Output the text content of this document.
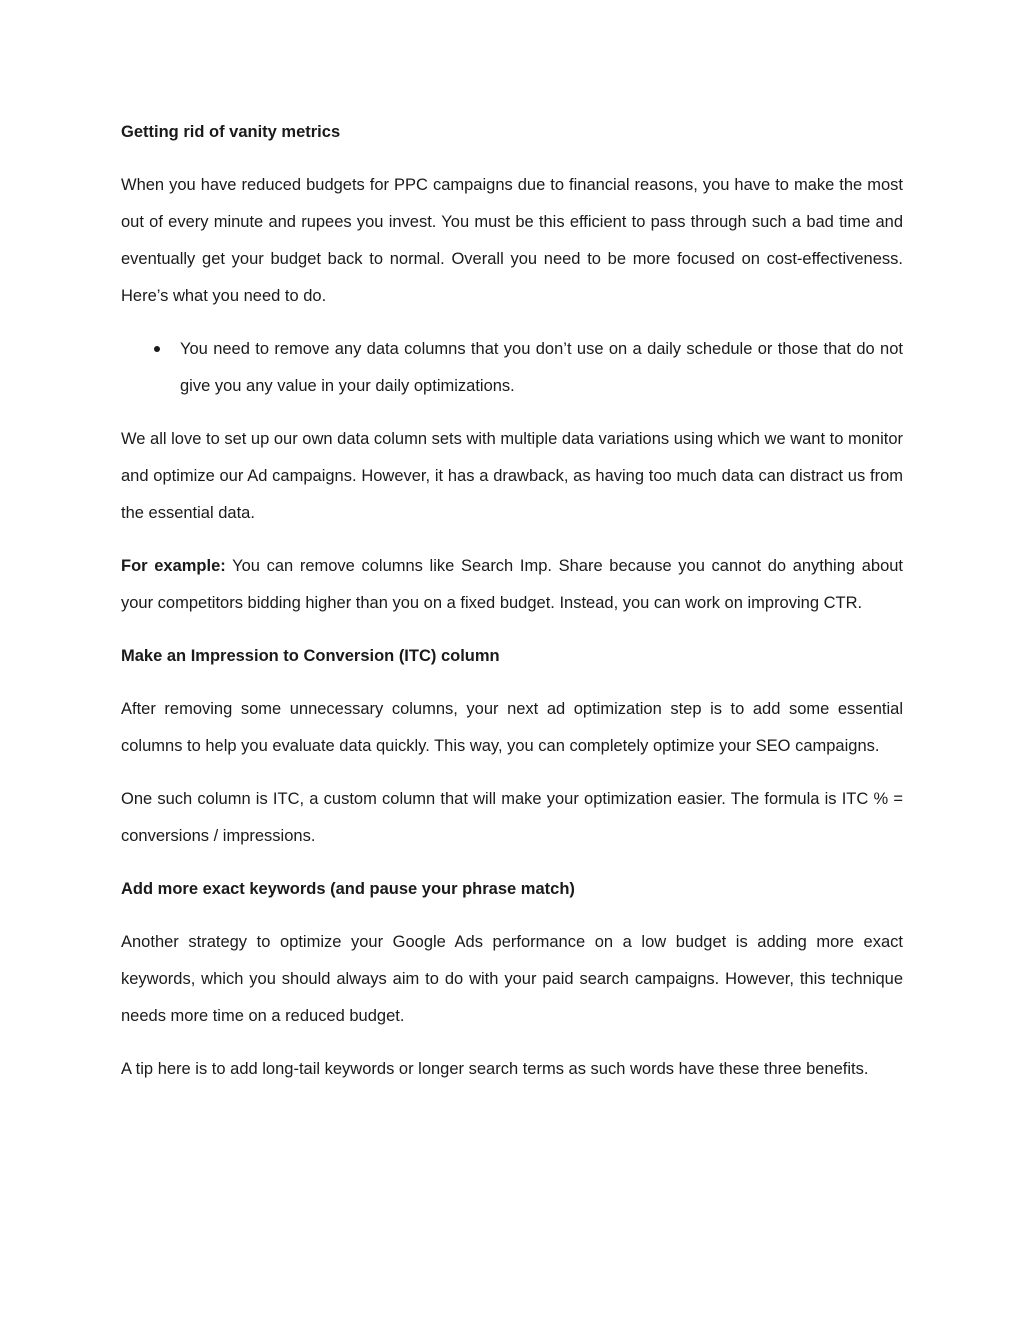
Getting rid of vanity metrics

When you have reduced budgets for PPC campaigns due to financial reasons, you have to make the most out of every minute and rupees you invest. You must be this efficient to pass through such a bad time and eventually get your budget back to normal. Overall you need to be more focused on cost-effectiveness. Here’s what you need to do.

You need to remove any data columns that you don’t use on a daily schedule or those that do not give you any value in your daily optimizations.

We all love to set up our own data column sets with multiple data variations using which we want to monitor and optimize our Ad campaigns. However, it has a drawback, as having too much data can distract us from the essential data.

For example: You can remove columns like Search Imp. Share because you cannot do anything about your competitors bidding higher than you on a fixed budget. Instead, you can work on improving CTR.

Make an Impression to Conversion (ITC) column

After removing some unnecessary columns, your next ad optimization step is to add some essential columns to help you evaluate data quickly. This way, you can completely optimize your SEO campaigns.

One such column is ITC, a custom column that will make your optimization easier. The formula is ITC % = conversions / impressions.

Add more exact keywords (and pause your phrase match)

Another strategy to optimize your Google Ads performance on a low budget is adding more exact keywords, which you should always aim to do with your paid search campaigns. However, this technique needs more time on a reduced budget.

A tip here is to add long-tail keywords or longer search terms as such words have these three benefits.
